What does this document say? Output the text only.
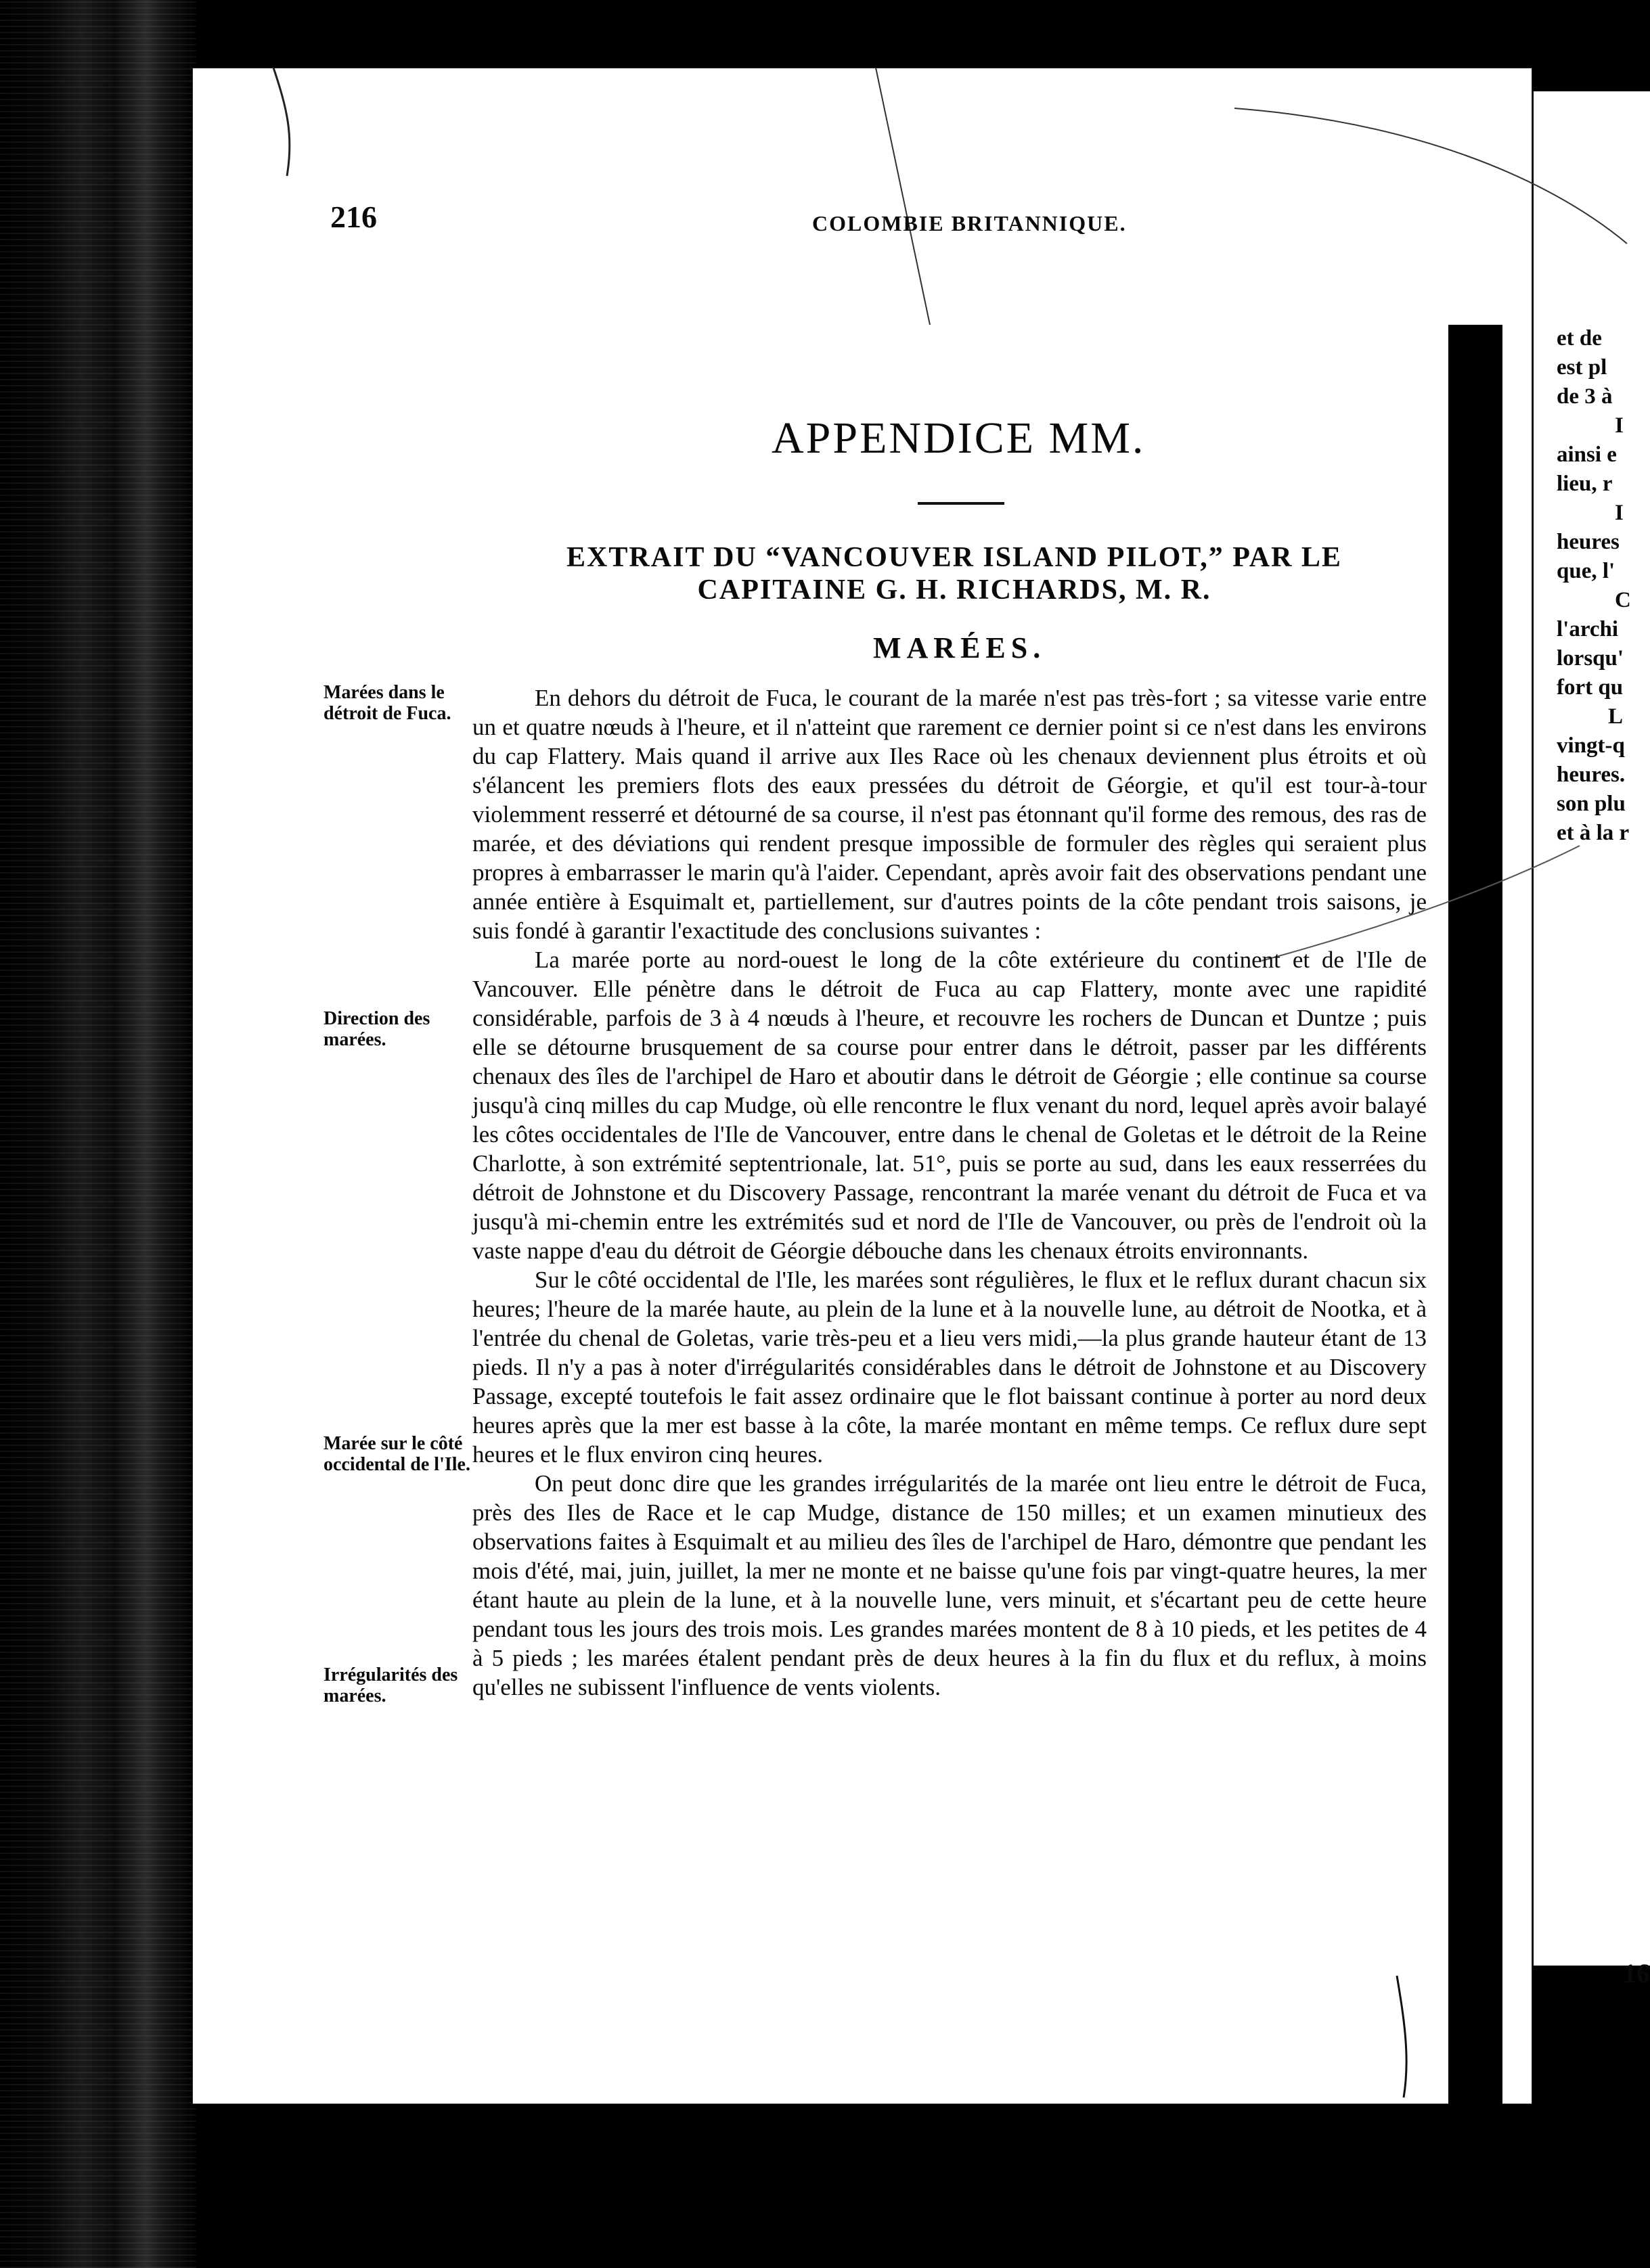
et de
est pl
de 3 à
I
ainsi e
lieu, r
I
heures
que, l'
C
l'archi
lorsqu'
fort qu
L
vingt-q
heures.
son plu
et à la r
16
216	COLOMBIE BRITANNIQUE.
APPENDICE MM.
EXTRAIT DU “VANCOUVER ISLAND PILOT,” PAR LE CAPITAINE G. H. RICHARDS, M. R.
MARÉES.
Marées dans le détroit de Fuca.
Direction des marées.
Marée sur le côté occidental de l'Ile.
Irrégularités des marées.

En dehors du détroit de Fuca, le courant de la marée n'est pas très-fort ; sa vitesse varie entre un et quatre nœuds à l'heure, et il n'atteint que rarement ce dernier point si ce n'est dans les environs du cap Flattery. Mais quand il arrive aux Iles Race où les chenaux deviennent plus étroits et où s'élancent les premiers flots des eaux pressées du détroit de Géorgie, et qu'il est tour-à-tour violemment resserré et détourné de sa course, il n'est pas étonnant qu'il forme des remous, des ras de marée, et des déviations qui rendent presque impossible de formuler des règles qui seraient plus propres à embarrasser le marin qu'à l'aider. Cependant, après avoir fait des observations pendant une année entière à Esquimalt et, partiellement, sur d'autres points de la côte pendant trois saisons, je suis fondé à garantir l'exactitude des conclusions suivantes :

La marée porte au nord-ouest le long de la côte extérieure du continent et de l'Ile de Vancouver. Elle pénètre dans le détroit de Fuca au cap Flattery, monte avec une rapidité considérable, parfois de 3 à 4 nœuds à l'heure, et recouvre les rochers de Duncan et Duntze ; puis elle se détourne brusquement de sa course pour entrer dans le détroit, passer par les différents chenaux des îles de l'archipel de Haro et aboutir dans le détroit de Géorgie ; elle continue sa course jusqu'à cinq milles du cap Mudge, où elle rencontre le flux venant du nord, lequel après avoir balayé les côtes occidentales de l'Ile de Vancouver, entre dans le chenal de Goletas et le détroit de la Reine Charlotte, à son extrémité septentrionale, lat. 51°, puis se porte au sud, dans les eaux resserrées du détroit de Johnstone et du Discovery Passage, rencontrant la marée venant du détroit de Fuca et va jusqu'à mi-chemin entre les extrémités sud et nord de l'Ile de Vancouver, ou près de l'endroit où la vaste nappe d'eau du détroit de Géorgie débouche dans les chenaux étroits environnants.

Sur le côté occidental de l'Ile, les marées sont régulières, le flux et le reflux durant chacun six heures; l'heure de la marée haute, au plein de la lune et à la nouvelle lune, au détroit de Nootka, et à l'entrée du chenal de Goletas, varie très-peu et a lieu vers midi,—la plus grande hauteur étant de 13 pieds. Il n'y a pas à noter d'irrégularités considérables dans le détroit de Johnstone et au Discovery Passage, excepté toutefois le fait assez ordinaire que le flot baissant continue à porter au nord deux heures après que la mer est basse à la côte, la marée montant en même temps. Ce reflux dure sept heures et le flux environ cinq heures.

On peut donc dire que les grandes irrégularités de la marée ont lieu entre le détroit de Fuca, près des Iles de Race et le cap Mudge, distance de 150 milles; et un examen minutieux des observations faites à Esquimalt et au milieu des îles de l'archipel de Haro, démontre que pendant les mois d'été, mai, juin, juillet, la mer ne monte et ne baisse qu'une fois par vingt-quatre heures, la mer étant haute au plein de la lune, et à la nouvelle lune, vers minuit, et s'écartant peu de cette heure pendant tous les jours des trois mois. Les grandes marées montent de 8 à 10 pieds, et les petites de 4 à 5 pieds ; les marées étalent pendant près de deux heures à la fin du flux et du reflux, à moins qu'elles ne subissent l'influence de vents violents.
